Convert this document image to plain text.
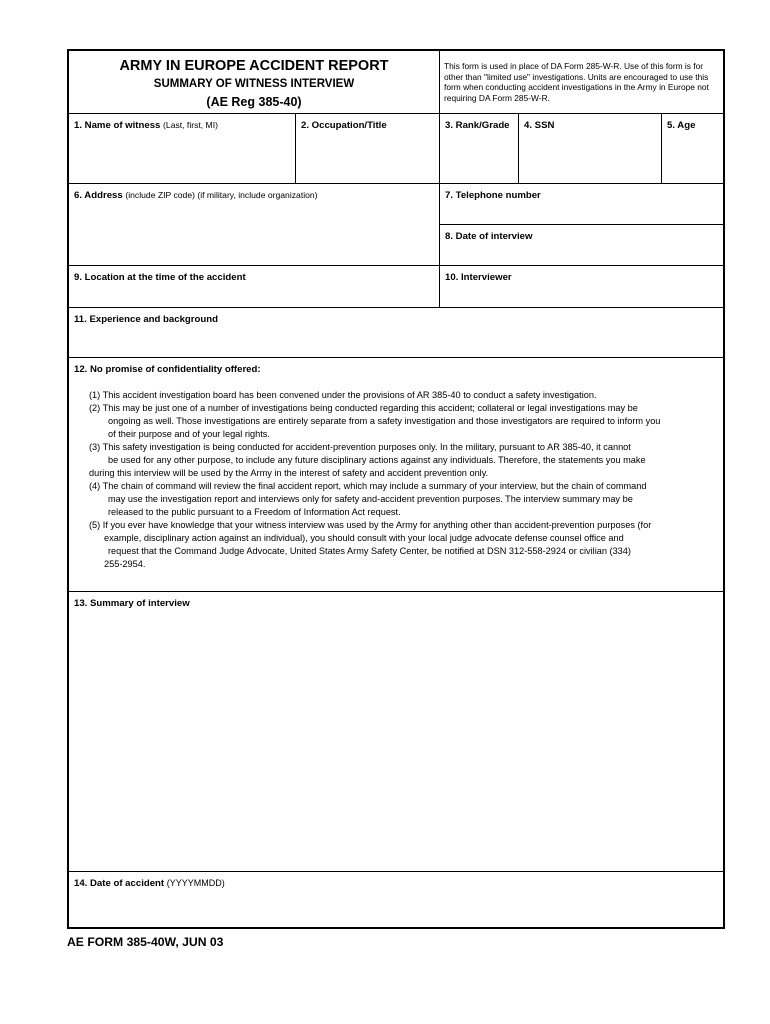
ARMY IN EUROPE ACCIDENT REPORT
SUMMARY OF WITNESS INTERVIEW
(AE Reg 385-40)
This form is used in place of DA Form 285-W-R. Use of this form is for other than "limited use" investigations. Units are encouraged to use this form when conducting accident investigations in the Army in Europe not requiring DA Form 285-W-R.
1. Name of witness (Last, first, MI)	2. Occupation/Title	3. Rank/Grade	4. SSN	5. Age
6. Address (include ZIP code) (if military, include organization)	7. Telephone number
8. Date of interview
9. Location at the time of the accident	10. Interviewer
11. Experience and background
12. No promise of confidentiality offered:
(1) This accident investigation board has been convened under the provisions of AR 385-40 to conduct a safety investigation.
(2) This may be just one of a number of investigations being conducted regarding this accident; collateral or legal investigations may be
ongoing as well. Those investigations are entirely separate from a safety investigation and those investigators are required to inform you
of their purpose and of your legal rights.
(3) This safety investigation is being conducted for accident-prevention purposes only. In the military, pursuant to AR 385-40, it cannot
be used for any other purpose, to include any future disciplinary actions against any individuals. Therefore, the statements you make
during this interview will be used by the Army in the interest of safety and accident prevention only.
(4) The chain of command will review the final accident report, which may include a summary of your interview, but the chain of command
may use the investigation report and interviews only for safety and-accident prevention purposes. The interview summary may be
released to the public pursuant to a Freedom of Information Act request.
(5) If you ever have knowledge that your witness interview was used by the Army for anything other than accident-prevention purposes (for
example, disciplinary action against an individual), you should consult with your local judge advocate defense counsel office and
request that the Command Judge Advocate, United States Army Safety Center, be notified at DSN 312-558-2924 or civilian (334)
255-2954.
13. Summary of interview
14. Date of accident (YYYYMMDD)
AE FORM 385-40W, JUN 03
